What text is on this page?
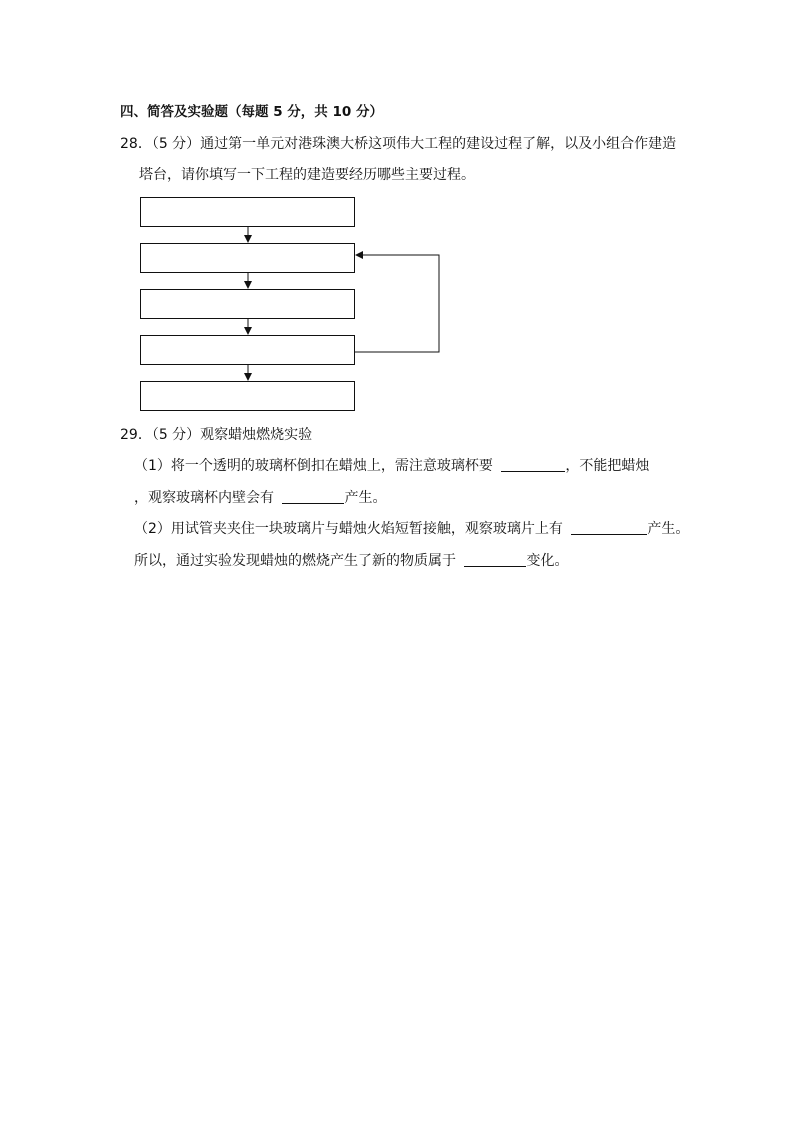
四、简答及实验题（每题 5 分，共 10 分）
28．（5 分）通过第一单元对港珠澳大桥这项伟大工程的建设过程了解，以及小组合作建造
塔台，请你填写一下工程的建造要经历哪些主要过程。
29．（5 分）观察蜡烛燃烧实验
（1）将一个透明的玻璃杯倒扣在蜡烛上，需注意玻璃杯要	，不能把蜡烛
，观察玻璃杯内壁会有	产生。
（2）用试管夹夹住一块玻璃片与蜡烛火焰短暂接触，观察玻璃片上有	产生。
所以，通过实验发现蜡烛的燃烧产生了新的物质属于	变化。
